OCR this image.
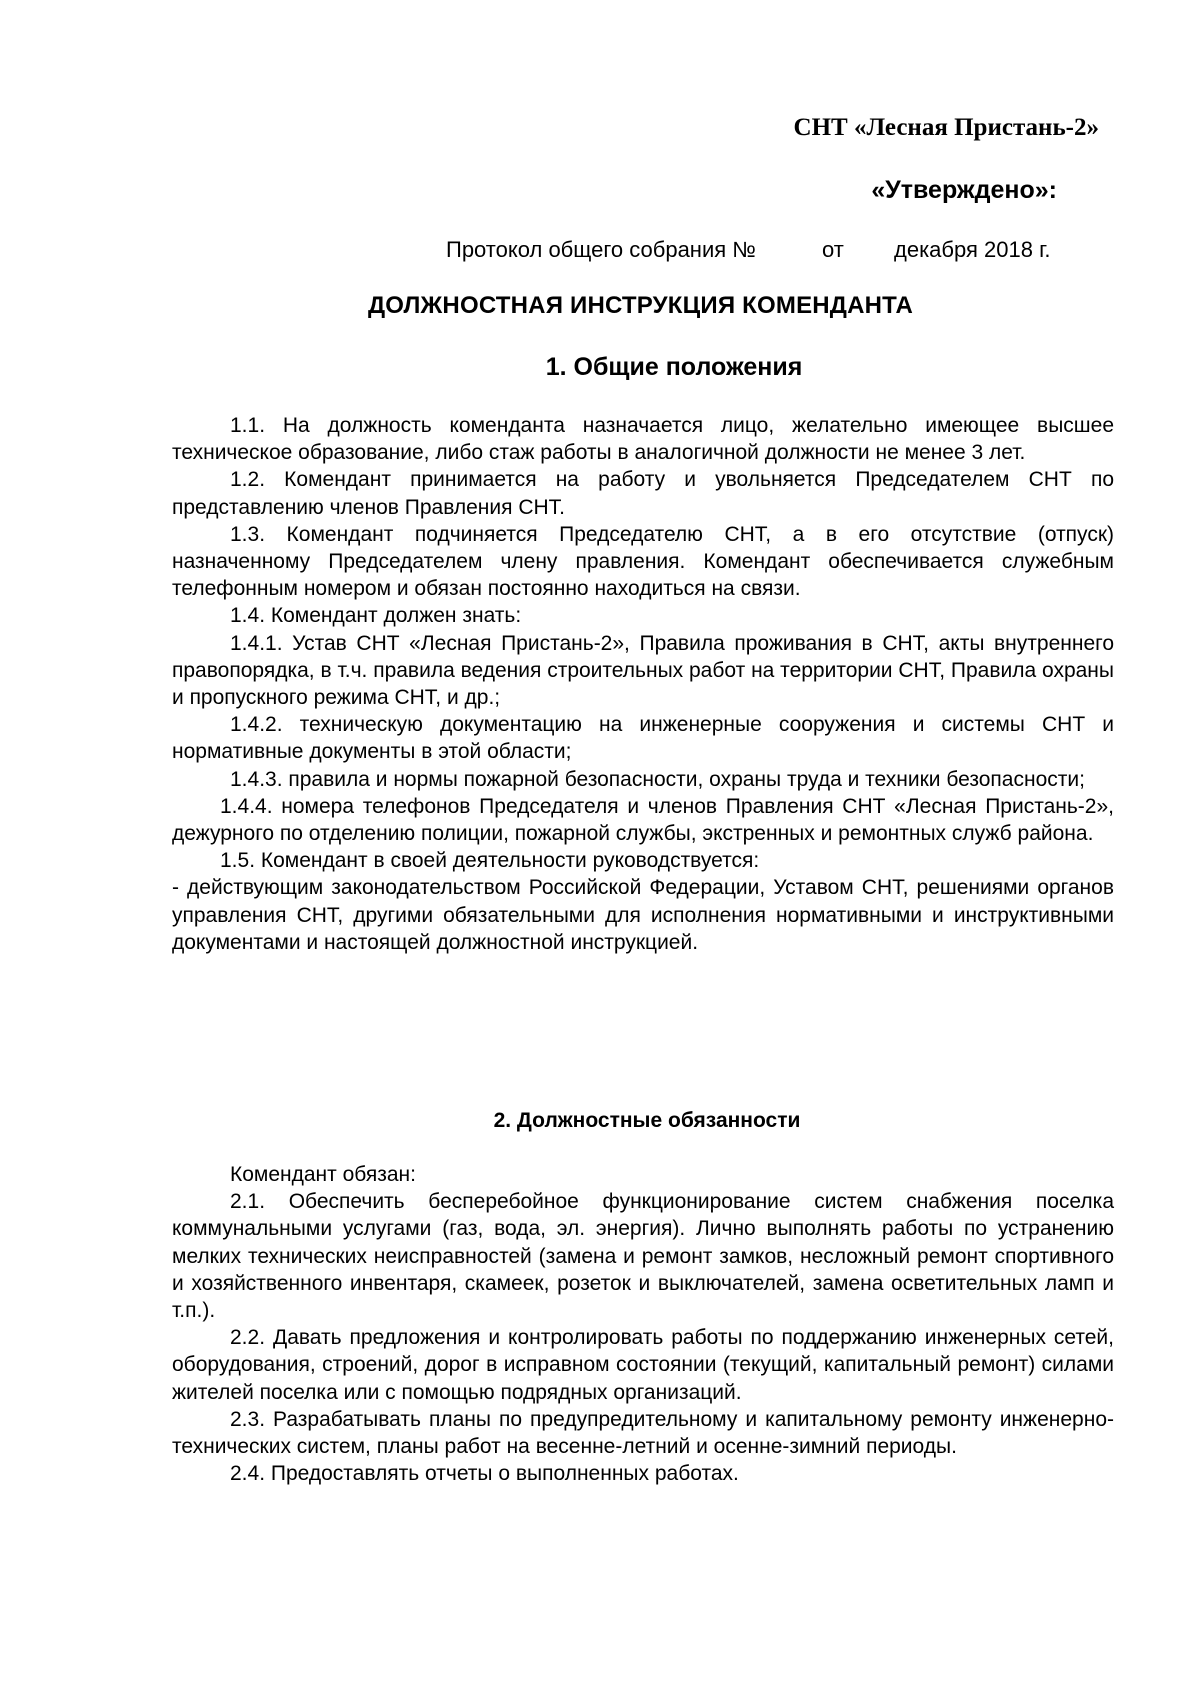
СНТ «Лесная Пристань-2»
«Утверждено»:
Протокол общего собрания №	от декабря 2018 г.
ДОЛЖНОСТНАЯ ИНСТРУКЦИЯ КОМЕНДАНТА
1. Общие положения

1.1. На должность коменданта назначается лицо, желательно имеющее высшее техническое образование, либо стаж работы в аналогичной должности не менее 3 лет.

1.2. Комендант принимается на работу и увольняется Председателем СНТ по представлению членов Правления СНТ.

1.3. Комендант подчиняется Председателю СНТ, а в его отсутствие (отпуск) назначенному Председателем члену правления. Комендант обеспечивается служебным телефонным номером и обязан постоянно находиться на связи.

1.4. Комендант должен знать:

1.4.1. Устав СНТ «Лесная Пристань-2», Правила проживания в СНТ, акты внутреннего правопорядка, в т.ч. правила ведения строительных работ на территории СНТ, Правила охраны и пропускного режима СНТ, и др.;

1.4.2. техническую документацию на инженерные сооружения и системы СНТ и нормативные документы в этой области;

1.4.3. правила и нормы пожарной безопасности, охраны труда и техники безопасности;

1.4.4. номера телефонов Председателя и членов Правления СНТ «Лесная Пристань-2», дежурного по отделению полиции, пожарной службы, экстренных и ремонтных служб района.

1.5. Комендант в своей деятельности руководствуется:

- действующим законодательством Российской Федерации, Уставом СНТ, решениями органов управления СНТ, другими обязательными для исполнения нормативными и инструктивными документами и настоящей должностной инструкцией.

2. Должностные обязанности

Комендант обязан:

2.1. Обеспечить бесперебойное функционирование систем снабжения поселка коммунальными услугами (газ, вода, эл. энергия). Лично выполнять работы по устранению мелких технических неисправностей (замена и ремонт замков, несложный ремонт спортивного и хозяйственного инвентаря, скамеек, розеток и выключателей, замена осветительных ламп и т.п.).

2.2. Давать предложения и контролировать работы по поддержанию инженерных сетей, оборудования, строений, дорог в исправном состоянии (текущий, капитальный ремонт) силами жителей поселка или с помощью подрядных организаций.

2.3. Разрабатывать планы по предупредительному и капитальному ремонту инженерно-технических систем, планы работ на весенне-летний и осенне-зимний периоды.

2.4. Предоставлять отчеты о выполненных работах.
